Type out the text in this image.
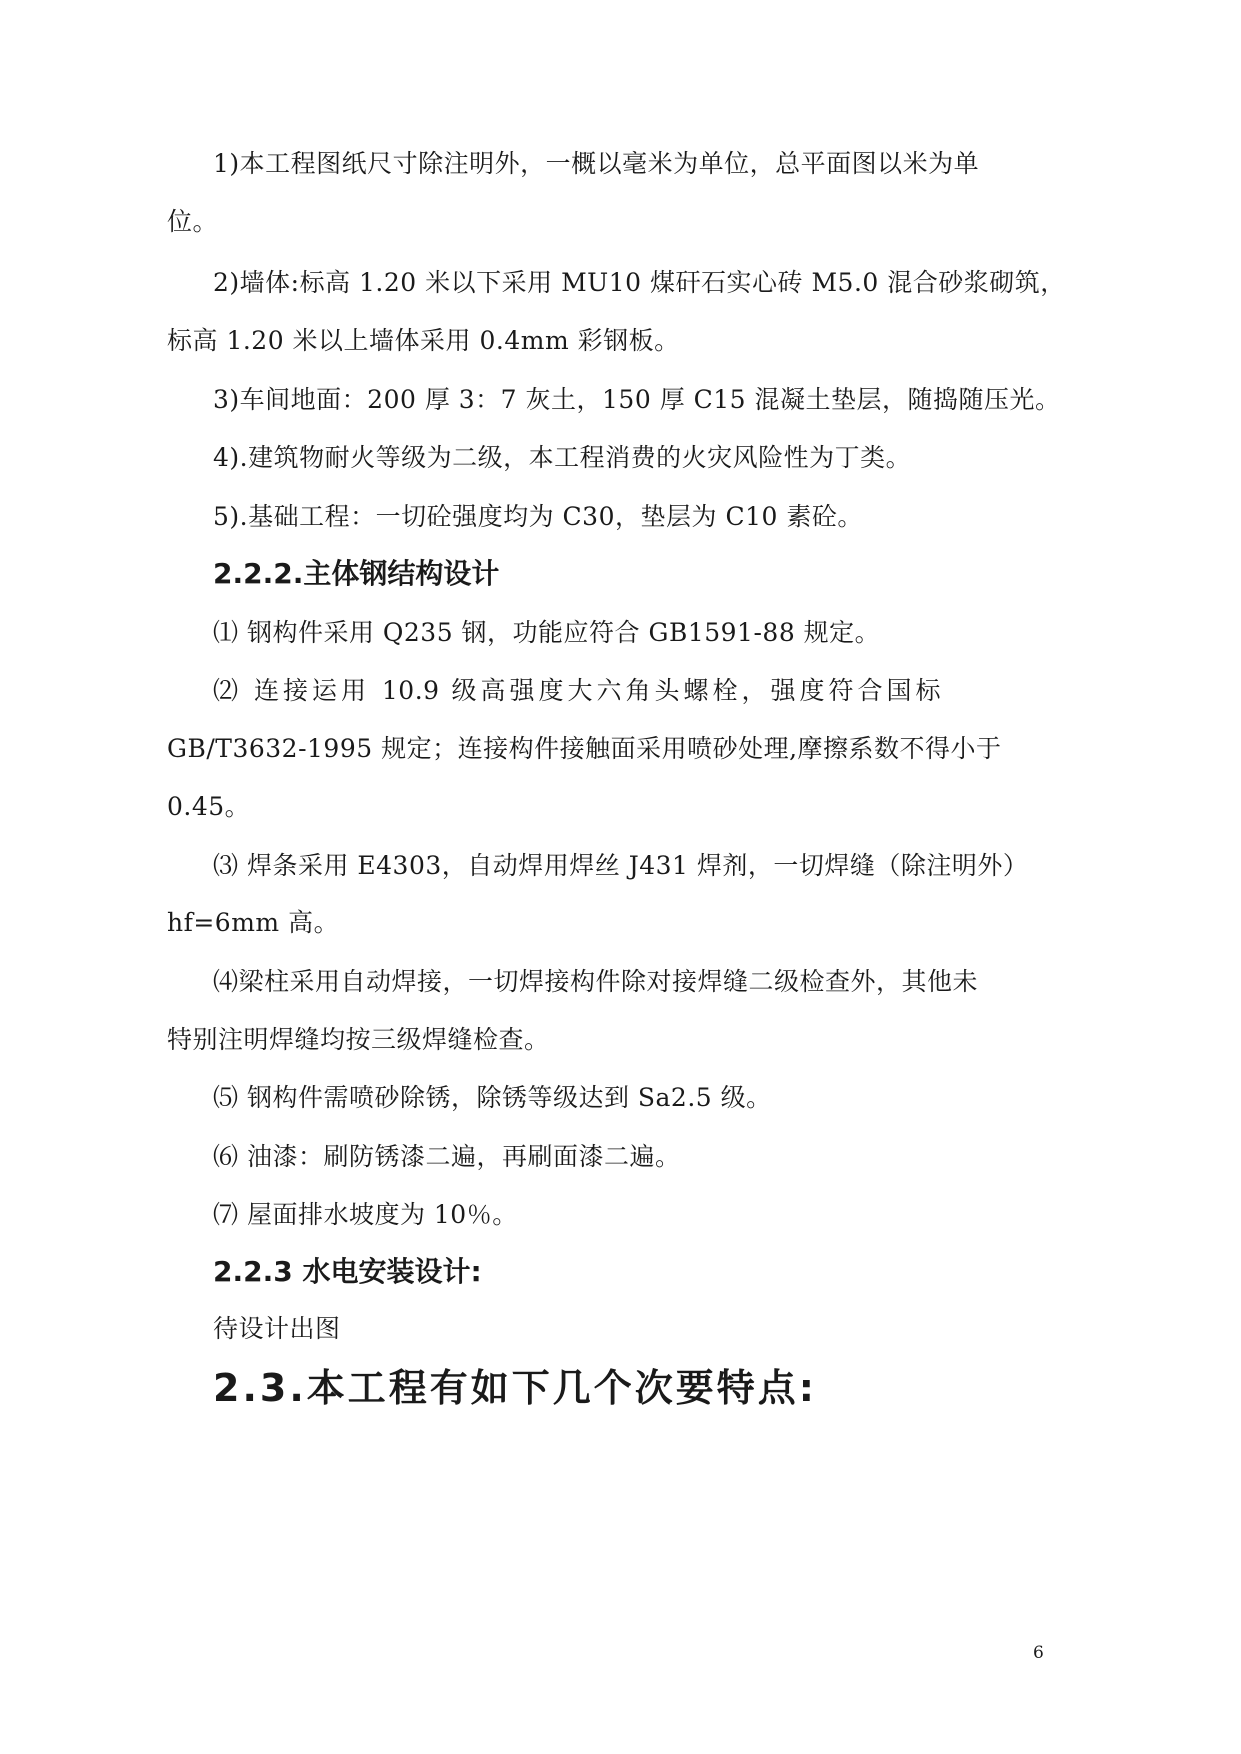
1)本工程图纸尺寸除注明外，一概以毫米为单位，总平面图以米为单
位。
2)墙体:标高 1.20 米以下采用 MU10 煤矸石实心砖 M5.0 混合砂浆砌筑，
标高 1.20 米以上墙体采用 0.4mm 彩钢板。
3)车间地面：200 厚 3：7 灰土，150 厚 C15 混凝土垫层，随捣随压光。
4).建筑物耐火等级为二级，本工程消费的火灾风险性为丁类。
5).基础工程：一切砼强度均为 C30，垫层为 C10 素砼。
2.2.2.主体钢结构设计
⑴ 钢构件采用 Q235 钢，功能应符合 GB1591-88 规定。
⑵ 连接运用 10.9 级高强度大六角头螺栓，强度符合国标
GB/T3632-1995 规定；连接构件接触面采用喷砂处理,摩擦系数不得小于
0.45。
⑶ 焊条采用 E4303，自动焊用焊丝 J431 焊剂，一切焊缝（除注明外）
hf=6mm 高。
⑷梁柱采用自动焊接，一切焊接构件除对接焊缝二级检查外，其他未
特别注明焊缝均按三级焊缝检查。
⑸ 钢构件需喷砂除锈，除锈等级达到 Sa2.5 级。
⑹ 油漆：刷防锈漆二遍，再刷面漆二遍。
⑺ 屋面排水坡度为 10％。
2.2.3 水电安装设计:
待设计出图
2.3.本工程有如下几个次要特点:
6
